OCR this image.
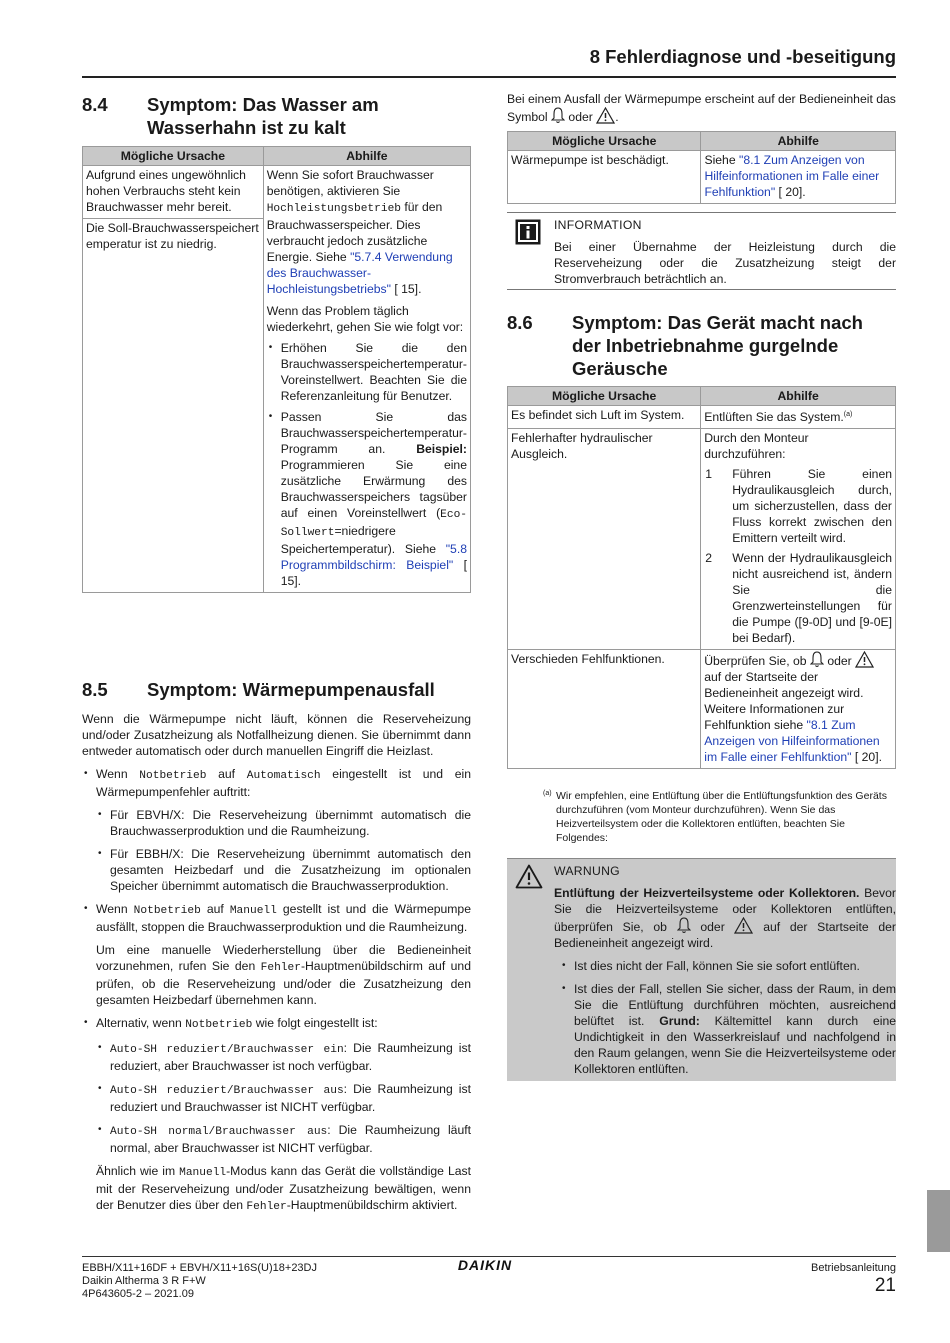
8 Fehlerdiagnose und -beseitigung
8.4 Symptom: Das Wasser am
Wasserhahn ist zu kalt
Mögliche Ursache	Abhilfe
Aufgrund eines ungewöhnlich hohen Verbrauchs steht kein Brauchwasser mehr bereit.	Wenn Sie sofort Brauchwasser benötigen, aktivieren Sie Hochleistungsbetrieb für den Brauchwasserspeicher. Dies verbraucht jedoch zusätzliche Energie. Siehe "5.7.4 Verwendung des Brauchwasser-Hochleistungsbetriebs" [ 15].

Wenn das Problem täglich wiederkehrt, gehen Sie wie folgt vor:

• Erhöhen Sie die den Brauchwasserspeichertemperatur-Voreinstellwert. Beachten Sie die Referenzanleitung für Benutzer.
• Passen Sie das Brauchwasserspeichertemperatur-Programm an. Beispiel: Programmieren Sie eine zusätzliche Erwärmung des Brauchwasserspeichers tagsüber auf einen Voreinstellwert (Eco-Sollwert=niedrigere Speichertemperatur). Siehe "5.8 Programmbildschirm: Beispiel" [ 15].

Die Soll-Brauchwasserspeichertemperatur ist zu niedrig.	
8.5 Symptom: Wärmepumpenausfall

Wenn die Wärmepumpe nicht läuft, können die Reserveheizung und/oder Zusatzheizung als Notfallheizung dienen. Sie übernimmt dann entweder automatisch oder durch manuellen Eingriff die Heizlast.

• Wenn Notbetrieb auf Automatisch eingestellt ist und ein Wärmepumpenfehler auftritt:
• Für EBVH/X: Die Reserveheizung übernimmt automatisch die Brauchwasserproduktion und die Raumheizung.
• Für EBBH/X: Die Reserveheizung übernimmt automatisch den gesamten Heizbedarf und die Zusatzheizung im optionalen Speicher übernimmt automatisch die Brauchwasserproduktion.
• Wenn Notbetrieb auf Manuell gestellt ist und die Wärmepumpe ausfällt, stoppen die Brauchwasserproduktion und die Raumheizung.

Um eine manuelle Wiederherstellung über die Bedieneinheit vorzunehmen, rufen Sie den Fehler-Hauptmenübildschirm auf und prüfen, ob die Reserveheizung und/oder die Zusatzheizung den gesamten Heizbedarf übernehmen kann.

• Alternativ, wenn Notbetrieb wie folgt eingestellt ist:
• Auto-SH reduziert/Brauchwasser ein: Die Raumheizung ist reduziert, aber Brauchwasser ist noch verfügbar.
• Auto-SH reduziert/Brauchwasser aus: Die Raumheizung ist reduziert und Brauchwasser ist NICHT verfügbar.
• Auto-SH normal/Brauchwasser aus: Die Raumheizung läuft normal, aber Brauchwasser ist NICHT verfügbar.

Ähnlich wie im Manuell-Modus kann das Gerät die vollständige Last mit der Reserveheizung und/oder Zusatzheizung bewältigen, wenn der Benutzer dies über den Fehler-Hauptmenübildschirm aktiviert.

Bei einem Ausfall der Wärmepumpe erscheint auf der Bedieneinheit das Symbol  oder .
Mögliche Ursache	Abhilfe
Wärmepumpe ist beschädigt.	Siehe "8.1 Zum Anzeigen von Hilfeinformationen im Falle einer Fehlfunktion" [ 20].
INFORMATION
Bei einer Übernahme der Heizleistung durch die Reserveheizung oder die Zusatzheizung steigt der Stromverbrauch beträchtlich an.
8.6 Symptom: Das Gerät macht nach
der Inbetriebnahme gurgelnde
Geräusche
Mögliche Ursache	Abhilfe
Es befindet sich Luft im System.	Entlüften Sie das System.$^{(a)}$
Fehlerhafter hydraulischer Ausgleich.	Durch den Monteur durchzuführen:

1 Führen Sie einen Hydraulikausgleich durch, um sicherzustellen, dass der Fluss korrekt zwischen den Emittern verteilt wird.
2 Wenn der Hydraulikausgleich nicht ausreichend ist, ändern Sie die Grenzwerteinstellungen für die Pumpe ([9-0D] und [9-0E] bei Bedarf).

Verschieden Fehlfunktionen.	Überprüfen Sie, ob  oder  auf der Startseite der Bedieneinheit angezeigt wird. Weitere Informationen zur Fehlfunktion siehe "8.1 Zum Anzeigen von Hilfeinformationen im Falle einer Fehlfunktion" [ 20].
(a) Wir empfehlen, eine Entlüftung über die Entlüftungsfunktion des Geräts durchzuführen (vom Monteur durchzuführen). Wenn Sie das Heizverteilsystem oder die Kollektoren entlüften, beachten Sie Folgendes:
WARNUNG
Entlüftung der Heizverteilsysteme oder Kollektoren. Bevor Sie die Heizverteilsysteme oder Kollektoren entlüften, überprüfen Sie, ob  oder  auf der Startseite der Bedieneinheit angezeigt wird.
• Ist dies nicht der Fall, können Sie sie sofort entlüften.
• Ist dies der Fall, stellen Sie sicher, dass der Raum, in dem Sie die Entlüftung durchführen möchten, ausreichend belüftet ist. Grund: Kältemittel kann durch eine Undichtigkeit in den Wasserkreislauf und nachfolgend in den Raum gelangen, wenn Sie die Heizverteilsysteme oder Kollektoren entlüften.
EBBH/X11+16DF + EBVH/X11+16S(U)18+23DJ
Daikin Altherma 3 R F+W
4P643605-2 – 2021.09
DAIKIN	Betriebsanleitung
21
